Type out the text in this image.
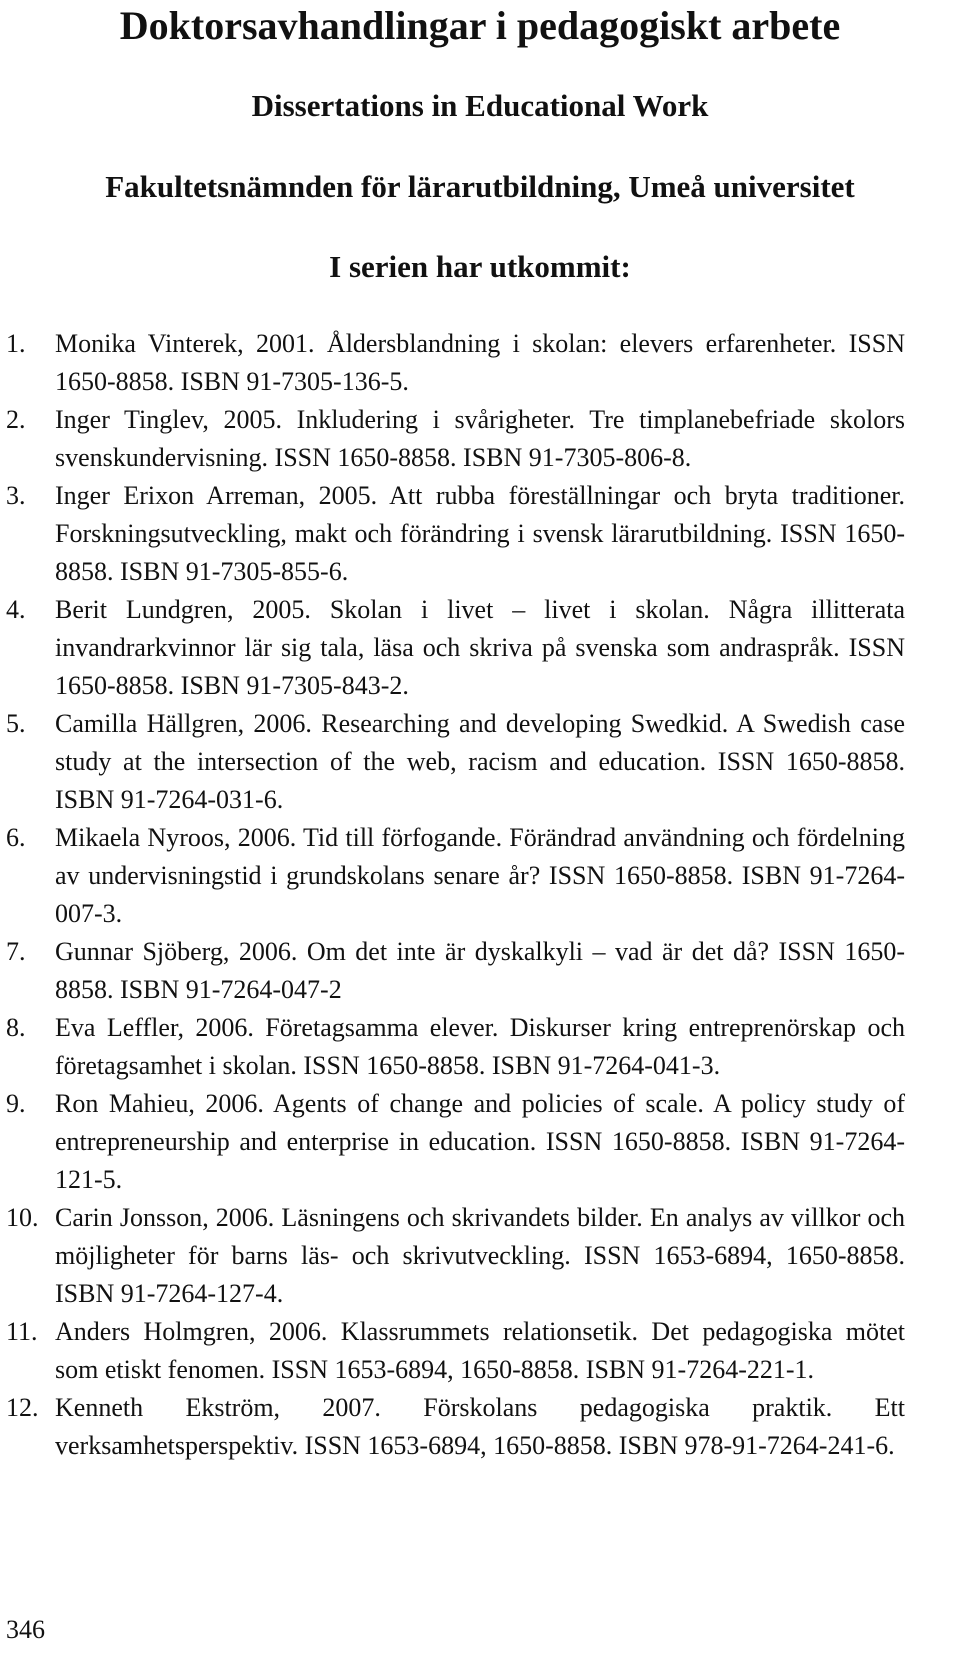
Doktorsavhandlingar i pedagogiskt arbete
Dissertations in Educational Work
Fakultetsnämnden för lärarutbildning, Umeå universitet
I serien har utkommit:
1. Monika Vinterek, 2001. Åldersblandning i skolan: elevers erfarenheter. ISSN 1650-8858. ISBN 91-7305-136-5.
2. Inger Tinglev, 2005. Inkludering i svårigheter. Tre timplanebefriade skolors svenskundervisning. ISSN 1650-8858. ISBN 91-7305-806-8.
3. Inger Erixon Arreman, 2005. Att rubba föreställningar och bryta traditioner. Forskningsutveckling, makt och förändring i svensk lärarutbildning. ISSN 1650-8858. ISBN 91-7305-855-6.
4. Berit Lundgren, 2005. Skolan i livet – livet i skolan. Några illitterata invandrarkvinnor lär sig tala, läsa och skriva på svenska som andraspråk. ISSN 1650-8858. ISBN 91-7305-843-2.
5. Camilla Hällgren, 2006. Researching and developing Swedkid. A Swedish case study at the intersection of the web, racism and education. ISSN 1650-8858. ISBN 91-7264-031-6.
6. Mikaela Nyroos, 2006. Tid till förfogande. Förändrad användning och fördelning av undervisningstid i grundskolans senare år? ISSN 1650-8858. ISBN 91-7264-007-3.
7. Gunnar Sjöberg, 2006. Om det inte är dyskalkyli – vad är det då? ISSN 1650-8858. ISBN 91-7264-047-2
8. Eva Leffler, 2006. Företagsamma elever. Diskurser kring entreprenörskap och företagsamhet i skolan. ISSN 1650-8858. ISBN 91-7264-041-3.
9. Ron Mahieu, 2006. Agents of change and policies of scale. A policy study of entrepreneurship and enterprise in education. ISSN 1650-8858. ISBN 91-7264-121-5.
10. Carin Jonsson, 2006. Läsningens och skrivandets bilder. En analys av villkor och möjligheter för barns läs- och skrivutveckling. ISSN 1653-6894, 1650-8858. ISBN 91-7264-127-4.
11. Anders Holmgren, 2006. Klassrummets relationsetik. Det pedagogiska mötet som etiskt fenomen. ISSN 1653-6894, 1650-8858. ISBN 91-7264-221-1.
12. Kenneth Ekström, 2007. Förskolans pedagogiska praktik. Ett verksamhetsperspektiv. ISSN 1653-6894, 1650-8858. ISBN 978-91-7264-241-6.
346
